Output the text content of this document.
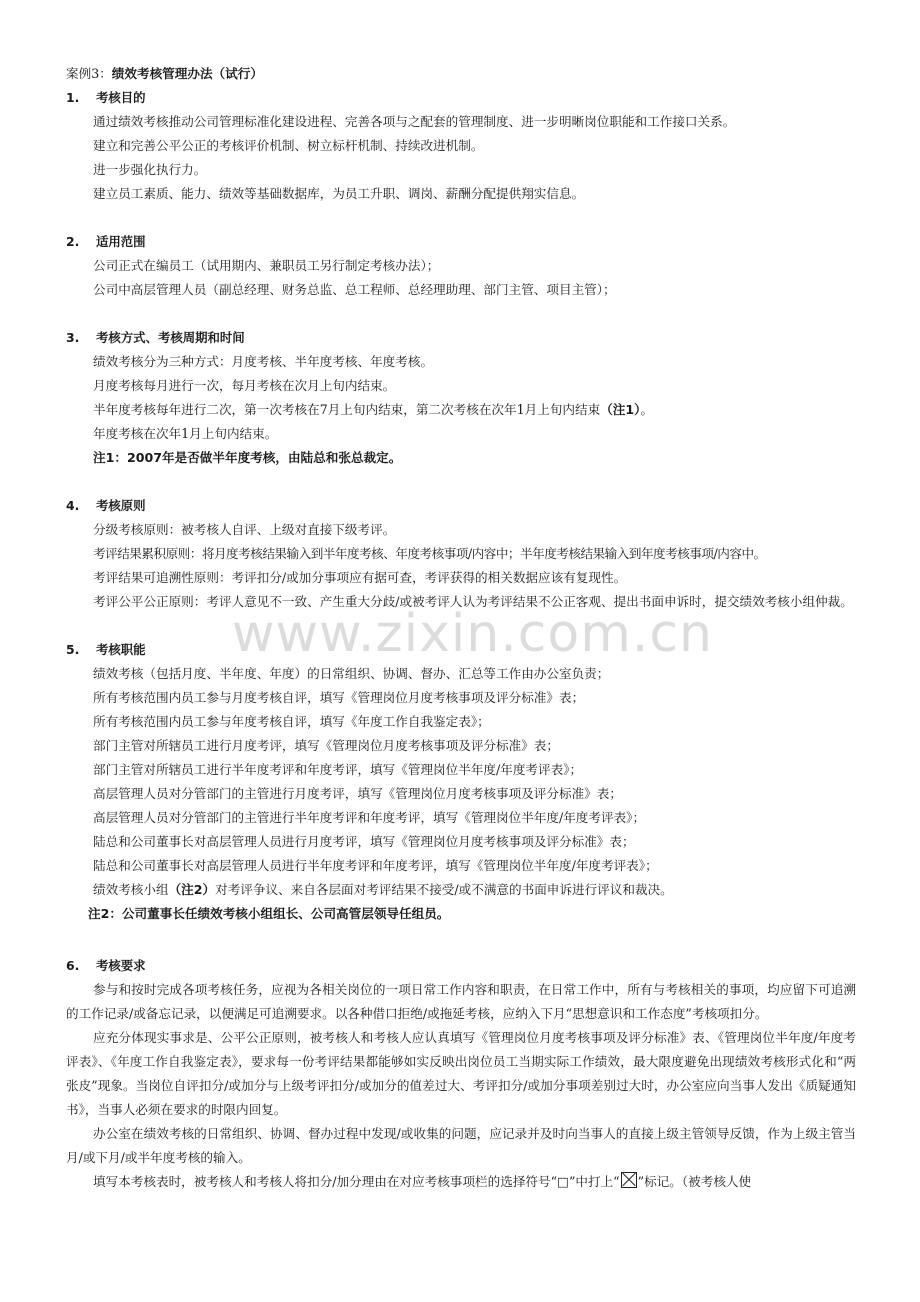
案例3：绩效考核管理办法（试行）
1. 考核目的
通过绩效考核推动公司管理标准化建设进程、完善各项与之配套的管理制度、进一步明晰岗位职能和工作接口关系。
建立和完善公平公正的考核评价机制、树立标杆机制、持续改进机制。
进一步强化执行力。
建立员工素质、能力、绩效等基础数据库，为员工升职、调岗、薪酬分配提供翔实信息。
2. 适用范围
公司正式在编员工（试用期内、兼职员工另行制定考核办法）；
公司中高层管理人员（副总经理、财务总监、总工程师、总经理助理、部门主管、项目主管）；
3. 考核方式、考核周期和时间
绩效考核分为三种方式：月度考核、半年度考核、年度考核。
月度考核每月进行一次，每月考核在次月上旬内结束。
半年度考核每年进行二次，第一次考核在7月上旬内结束，第二次考核在次年1月上旬内结束（注1）。
年度考核在次年1月上旬内结束。
注1：2007年是否做半年度考核，由陆总和张总裁定。
4. 考核原则
分级考核原则：被考核人自评、上级对直接下级考评。
考评结果累积原则：将月度考核结果输入到半年度考核、年度考核事项/内容中；半年度考核结果输入到年度考核事项/内容中。
考评结果可追溯性原则：考评扣分/或加分事项应有据可查，考评获得的相关数据应该有复现性。
考评公平公正原则：考评人意见不一致、产生重大分歧/或被考评人认为考评结果不公正客观、提出书面申诉时，提交绩效考核小组仲裁。
5. 考核职能
绩效考核（包括月度、半年度、年度）的日常组织、协调、督办、汇总等工作由办公室负责；
所有考核范围内员工参与月度考核自评，填写《管理岗位月度考核事项及评分标准》表；
所有考核范围内员工参与年度考核自评，填写《年度工作自我鉴定表》；
部门主管对所辖员工进行月度考评，填写《管理岗位月度考核事项及评分标准》表；
部门主管对所辖员工进行半年度考评和年度考评，填写《管理岗位半年度/年度考评表》；
高层管理人员对分管部门的主管进行月度考评，填写《管理岗位月度考核事项及评分标准》表；
高层管理人员对分管部门的主管进行半年度考评和年度考评，填写《管理岗位半年度/年度考评表》；
陆总和公司董事长对高层管理人员进行月度考评，填写《管理岗位月度考核事项及评分标准》表；
陆总和公司董事长对高层管理人员进行半年度考评和年度考评，填写《管理岗位半年度/年度考评表》；
绩效考核小组（注2）对考评争议、来自各层面对考评结果不接受/或不满意的书面申诉进行评议和裁决。
注2：公司董事长任绩效考核小组组长、公司高管层领导任组员。
6. 考核要求
参与和按时完成各项考核任务，应视为各相关岗位的一项日常工作内容和职责，在日常工作中，所有与考核相关的事项，均应留下可追溯的工作记录/或备忘记录，以便满足可追溯要求。以各种借口拒绝/或拖延考核，应纳入下月“思想意识和工作态度”考核项扣分。
应充分体现实事求是、公平公正原则，被考核人和考核人应认真填写《管理岗位月度考核事项及评分标准》表、《管理岗位半年度/年度考评表》、《年度工作自我鉴定表》，要求每一份考评结果都能够如实反映出岗位员工当期实际工作绩效，最大限度避免出现绩效考核形式化和“两张皮”现象。当岗位自评扣分/或加分与上级考评扣分/或加分的值差过大、考评扣分/或加分事项差别过大时，办公室应向当事人发出《质疑通知书》，当事人必须在要求的时限内回复。
办公室在绩效考核的日常组织、协调、督办过程中发现/或收集的问题，应记录并及时向当事人的直接上级主管领导反馈，作为上级主管当月/或下月/或半年度考核的输入。
填写本考核表时，被考核人和考核人将扣分/加分理由在对应考核事项栏的选择符号“□”中打上“ ”标记。（被考核人使
www.zixin.com.cn
